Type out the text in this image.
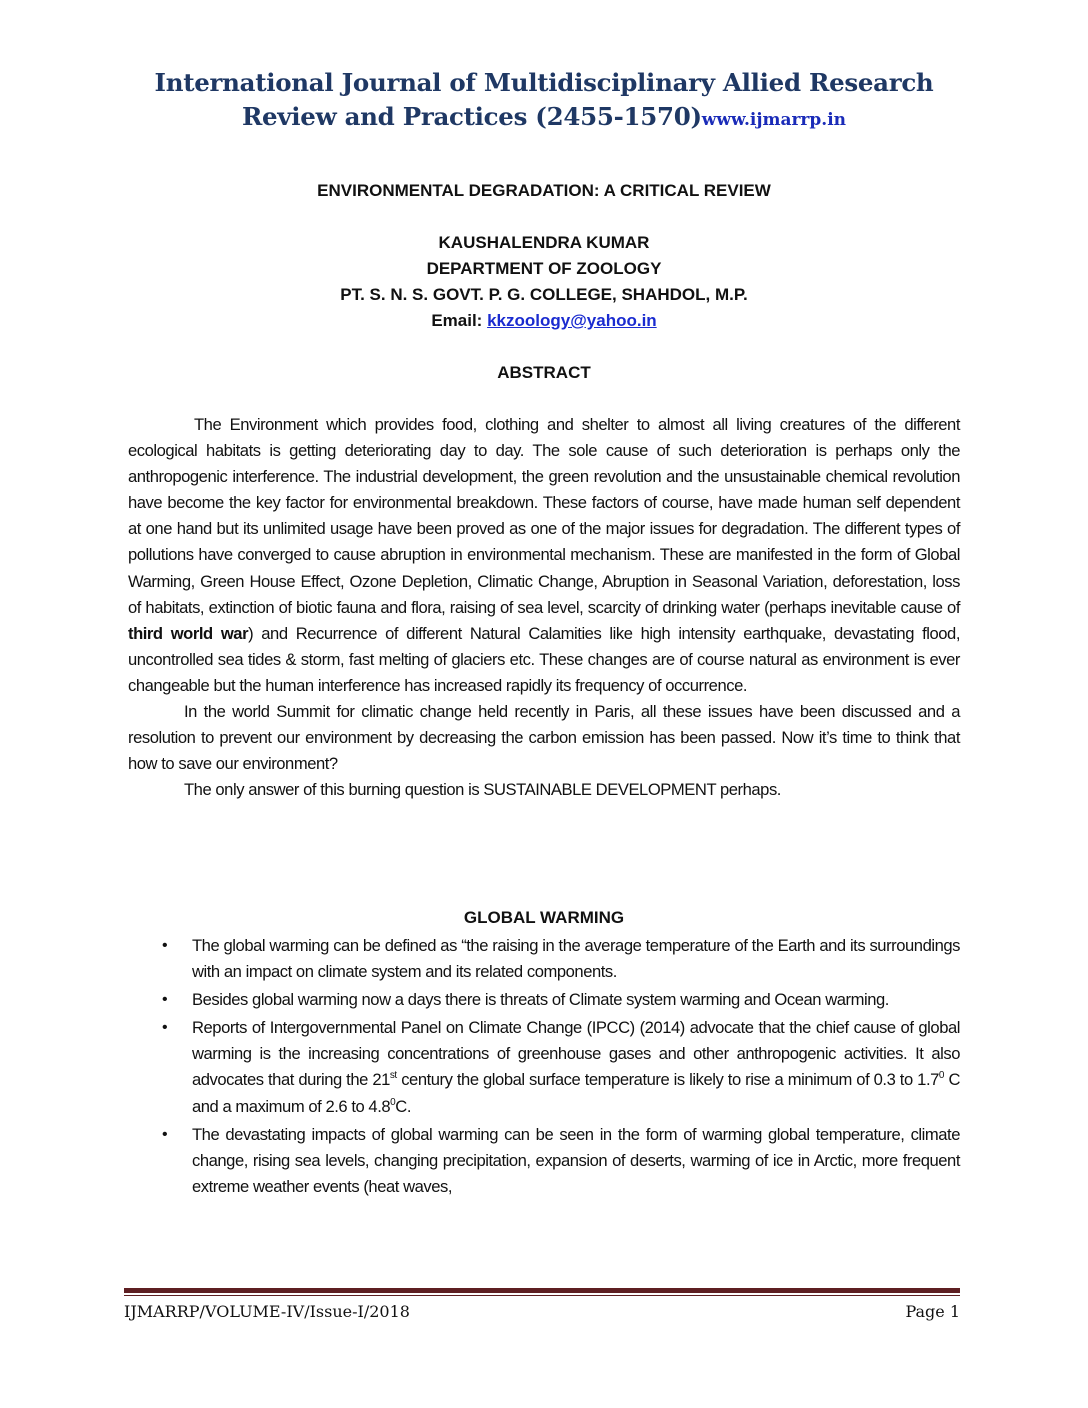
International Journal of Multidisciplinary Allied Research
Review and Practices (2455-1570)www.ijmarrp.in
ENVIRONMENTAL DEGRADATION: A CRITICAL REVIEW
KAUSHALENDRA KUMAR
DEPARTMENT OF ZOOLOGY
PT. S. N. S. GOVT. P. G. COLLEGE, SHAHDOL, M.P.
Email: kkzoology@yahoo.in
ABSTRACT

The Environment which provides food, clothing and shelter to almost all living creatures of the different ecological habitats is getting deteriorating day to day. The sole cause of such deterioration is perhaps only the anthropogenic interference. The industrial development, the green revolution and the unsustainable chemical revolution have become the key factor for environmental breakdown. These factors of course, have made human self dependent at one hand but its unlimited usage have been proved as one of the major issues for degradation. The different types of pollutions have converged to cause abruption in environmental mechanism. These are manifested in the form of Global Warming, Green House Effect, Ozone Depletion, Climatic Change, Abruption in Seasonal Variation, deforestation, loss of habitats, extinction of biotic fauna and flora, raising of sea level, scarcity of drinking water (perhaps inevitable cause of third world war) and Recurrence of different Natural Calamities like high intensity earthquake, devastating flood, uncontrolled sea tides & storm, fast melting of glaciers etc. These changes are of course natural as environment is ever changeable but the human interference has increased rapidly its frequency of occurrence.

In the world Summit for climatic change held recently in Paris, all these issues have been discussed and a resolution to prevent our environment by decreasing the carbon emission has been passed. Now it’s time to think that how to save our environment?

The only answer of this burning question is SUSTAINABLE DEVELOPMENT perhaps.

GLOBAL WARMING
• The global warming can be defined as “the raising in the average temperature of the Earth and its surroundings with an impact on climate system and its related components.
• Besides global warming now a days there is threats of Climate system warming and Ocean warming.
• Reports of Intergovernmental Panel on Climate Change (IPCC) (2014) advocate that the chief cause of global warming is the increasing concentrations of greenhouse gases and other anthropogenic activities. It also advocates that during the 21st century the global surface temperature is likely to rise a minimum of 0.3 to $1.7^0$ C and a maximum of 2.6 to $4.8^0C$.
• The devastating impacts of global warming can be seen in the form of warming global temperature, climate change, rising sea levels, changing precipitation, expansion of deserts, warming of ice in Arctic, more frequent extreme weather events (heat waves,
IJMARRP/VOLUME-IV/Issue-I/2018	Page 1
